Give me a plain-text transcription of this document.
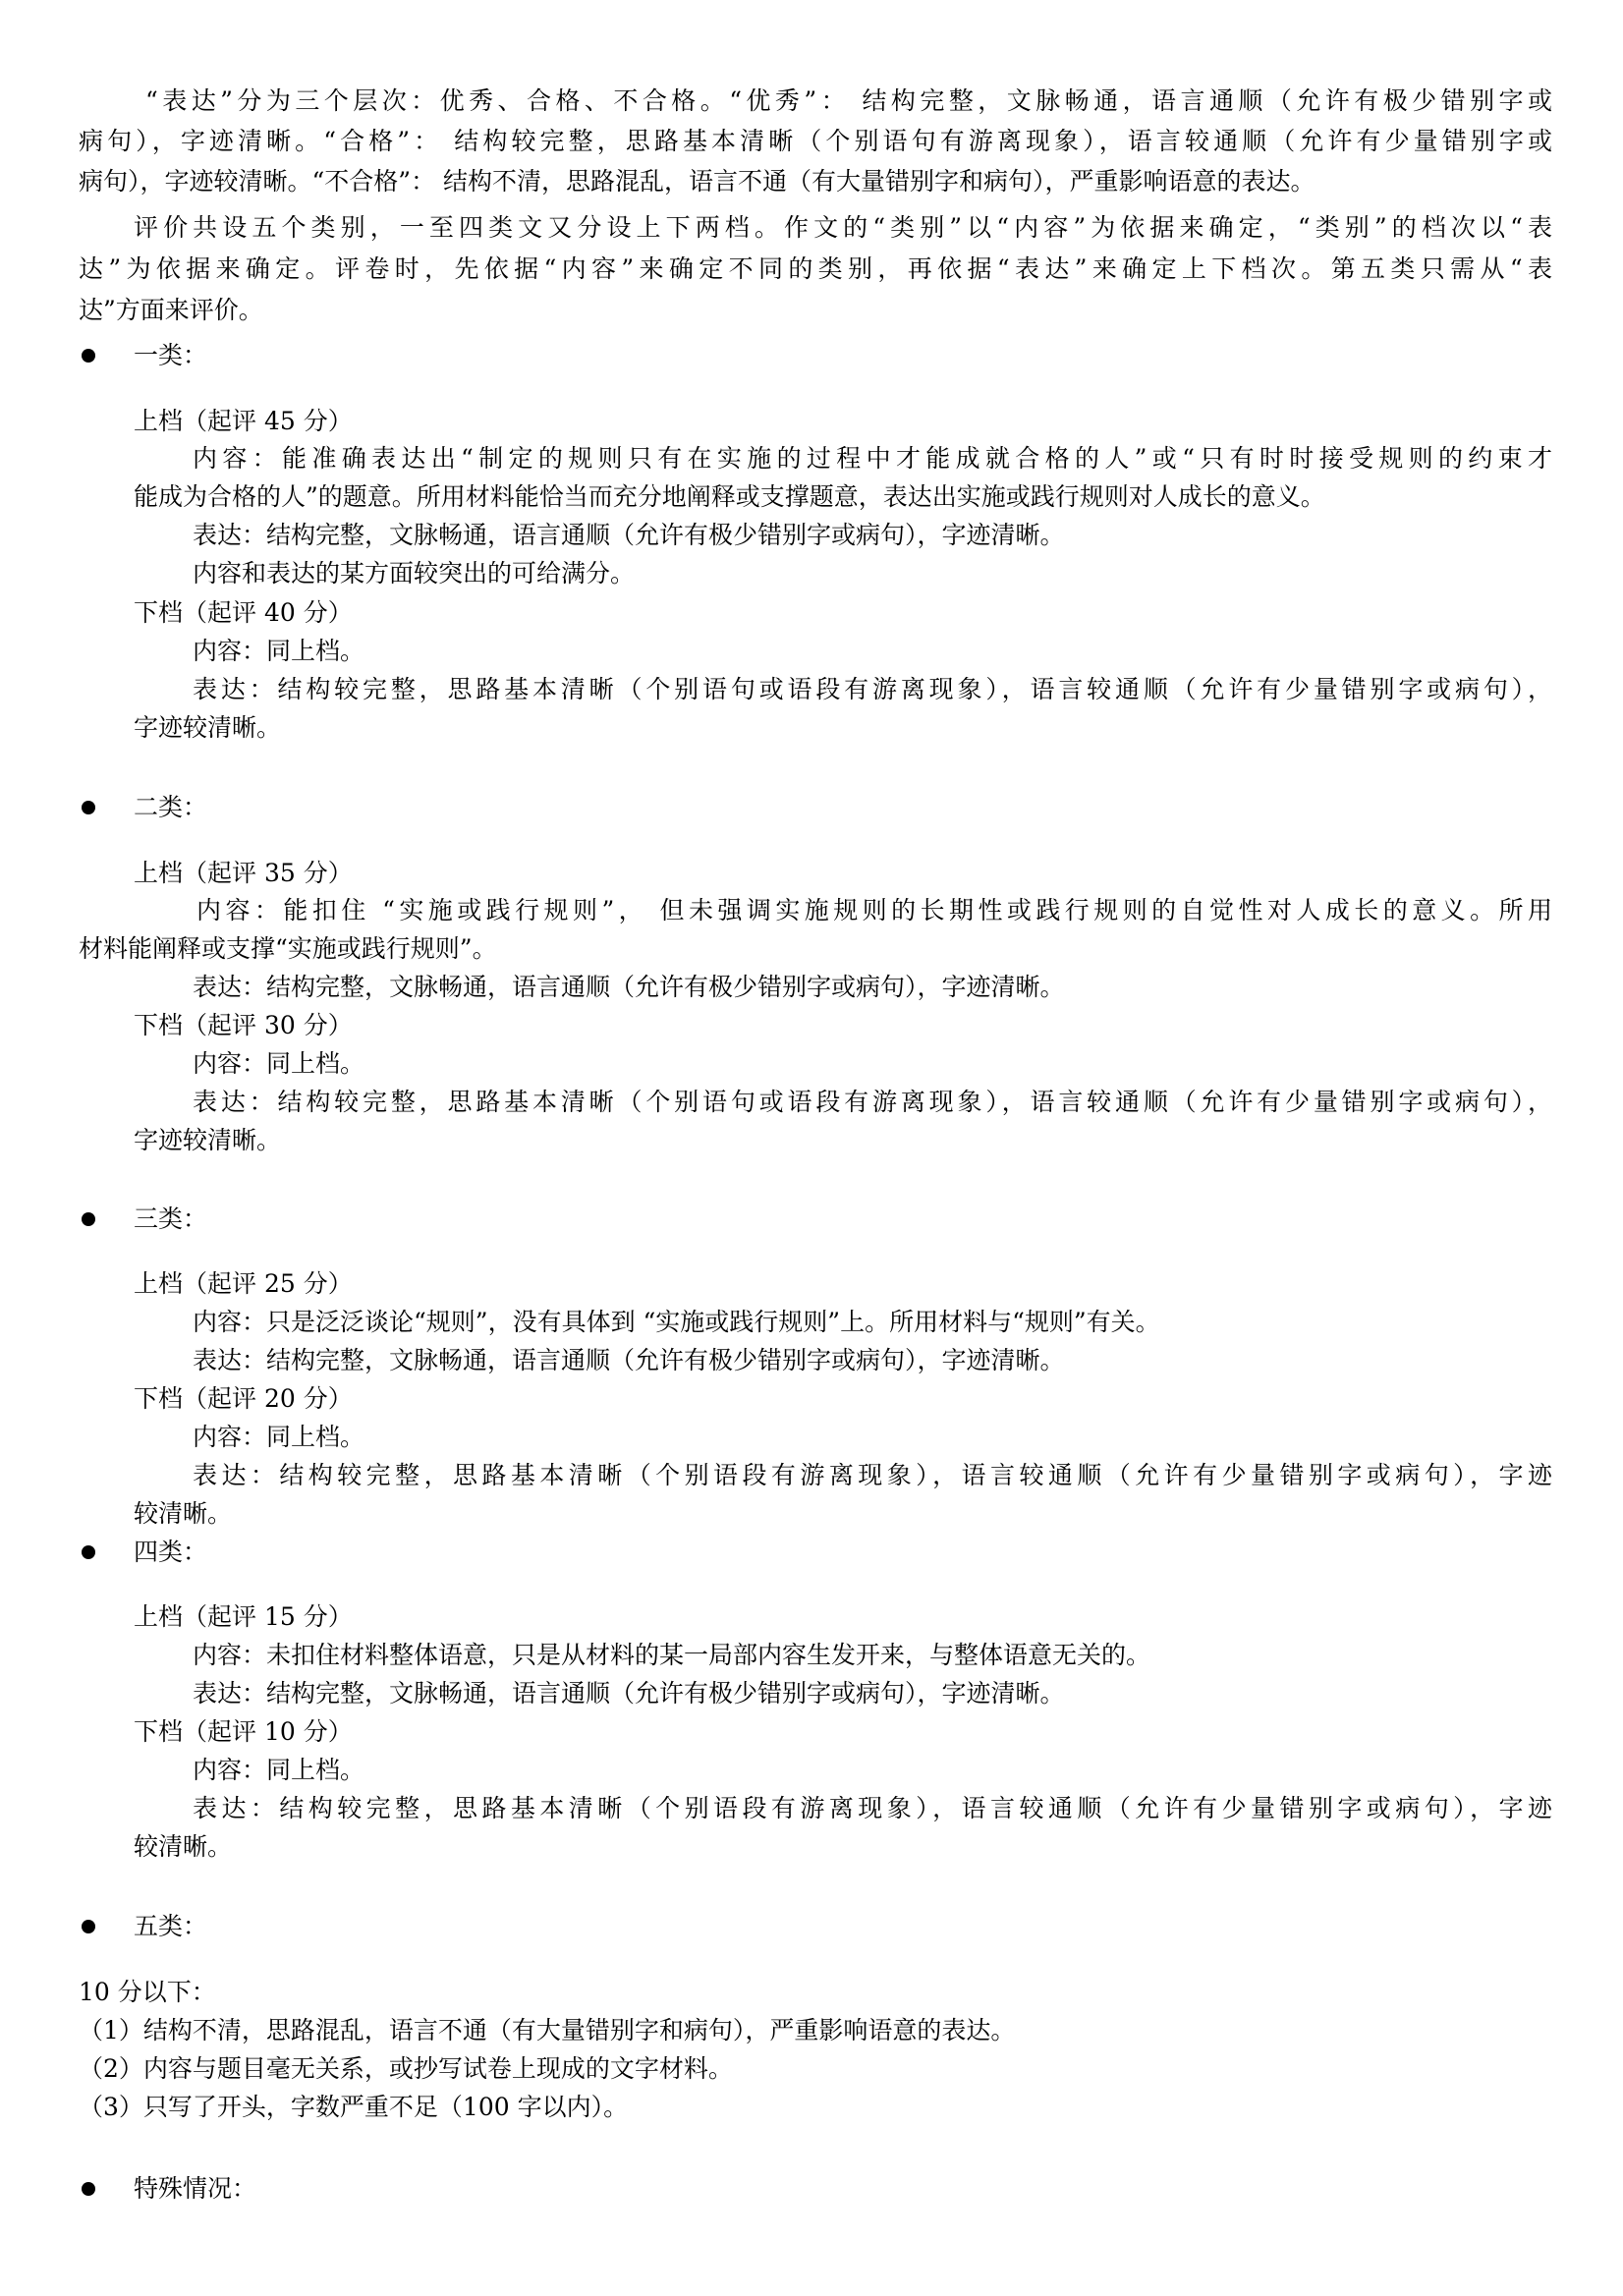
“表达”分为三个层次：优秀、合格、不合格。“优秀”： 结构完整，文脉畅通，语言通顺（允许有极少错别字或
病句），字迹清晰。“合格”： 结构较完整，思路基本清晰（个别语句有游离现象），语言较通顺（允许有少量错别字或
病句），字迹较清晰。“不合格”： 结构不清，思路混乱，语言不通（有大量错别字和病句），严重影响语意的表达。
评价共设五个类别，一至四类文又分设上下两档。作文的“类别”以“内容”为依据来确定，“类别”的档次以“表
达”为依据来确定。评卷时，先依据“内容”来确定不同的类别，再依据“表达”来确定上下档次。第五类只需从“表
达”方面来评价。
一类：
上档（起评 45 分）
内容：能准确表达出“制定的规则只有在实施的过程中才能成就合格的人”或“只有时时接受规则的约束才
能成为合格的人”的题意。所用材料能恰当而充分地阐释或支撑题意，表达出实施或践行规则对人成长的意义。
表达：结构完整，文脉畅通，语言通顺（允许有极少错别字或病句），字迹清晰。
内容和表达的某方面较突出的可给满分。
下档（起评 40 分）
内容：同上档。
表达：结构较完整，思路基本清晰（个别语句或语段有游离现象），语言较通顺（允许有少量错别字或病句），
字迹较清晰。
二类：
上档（起评 35 分）
内容：能扣住 “实施或践行规则”， 但未强调实施规则的长期性或践行规则的自觉性对人成长的意义。所用
材料能阐释或支撑“实施或践行规则”。
表达：结构完整，文脉畅通，语言通顺（允许有极少错别字或病句），字迹清晰。
下档（起评 30 分）
内容：同上档。
表达：结构较完整，思路基本清晰（个别语句或语段有游离现象），语言较通顺（允许有少量错别字或病句），
字迹较清晰。
三类：
上档（起评 25 分）
内容：只是泛泛谈论“规则”，没有具体到 “实施或践行规则”上。所用材料与“规则”有关。
表达：结构完整，文脉畅通，语言通顺（允许有极少错别字或病句），字迹清晰。
下档（起评 20 分）
内容：同上档。
表达：结构较完整，思路基本清晰（个别语段有游离现象），语言较通顺（允许有少量错别字或病句），字迹
较清晰。
四类：
上档（起评 15 分）
内容：未扣住材料整体语意，只是从材料的某一局部内容生发开来，与整体语意无关的。
表达：结构完整，文脉畅通，语言通顺（允许有极少错别字或病句），字迹清晰。
下档（起评 10 分）
内容：同上档。
表达：结构较完整，思路基本清晰（个别语段有游离现象），语言较通顺（允许有少量错别字或病句），字迹
较清晰。
五类：
10 分以下：
（1）结构不清，思路混乱，语言不通（有大量错别字和病句），严重影响语意的表达。
（2）内容与题目毫无关系，或抄写试卷上现成的文字材料。
（3）只写了开头，字数严重不足（100 字以内）。
特殊情况：
